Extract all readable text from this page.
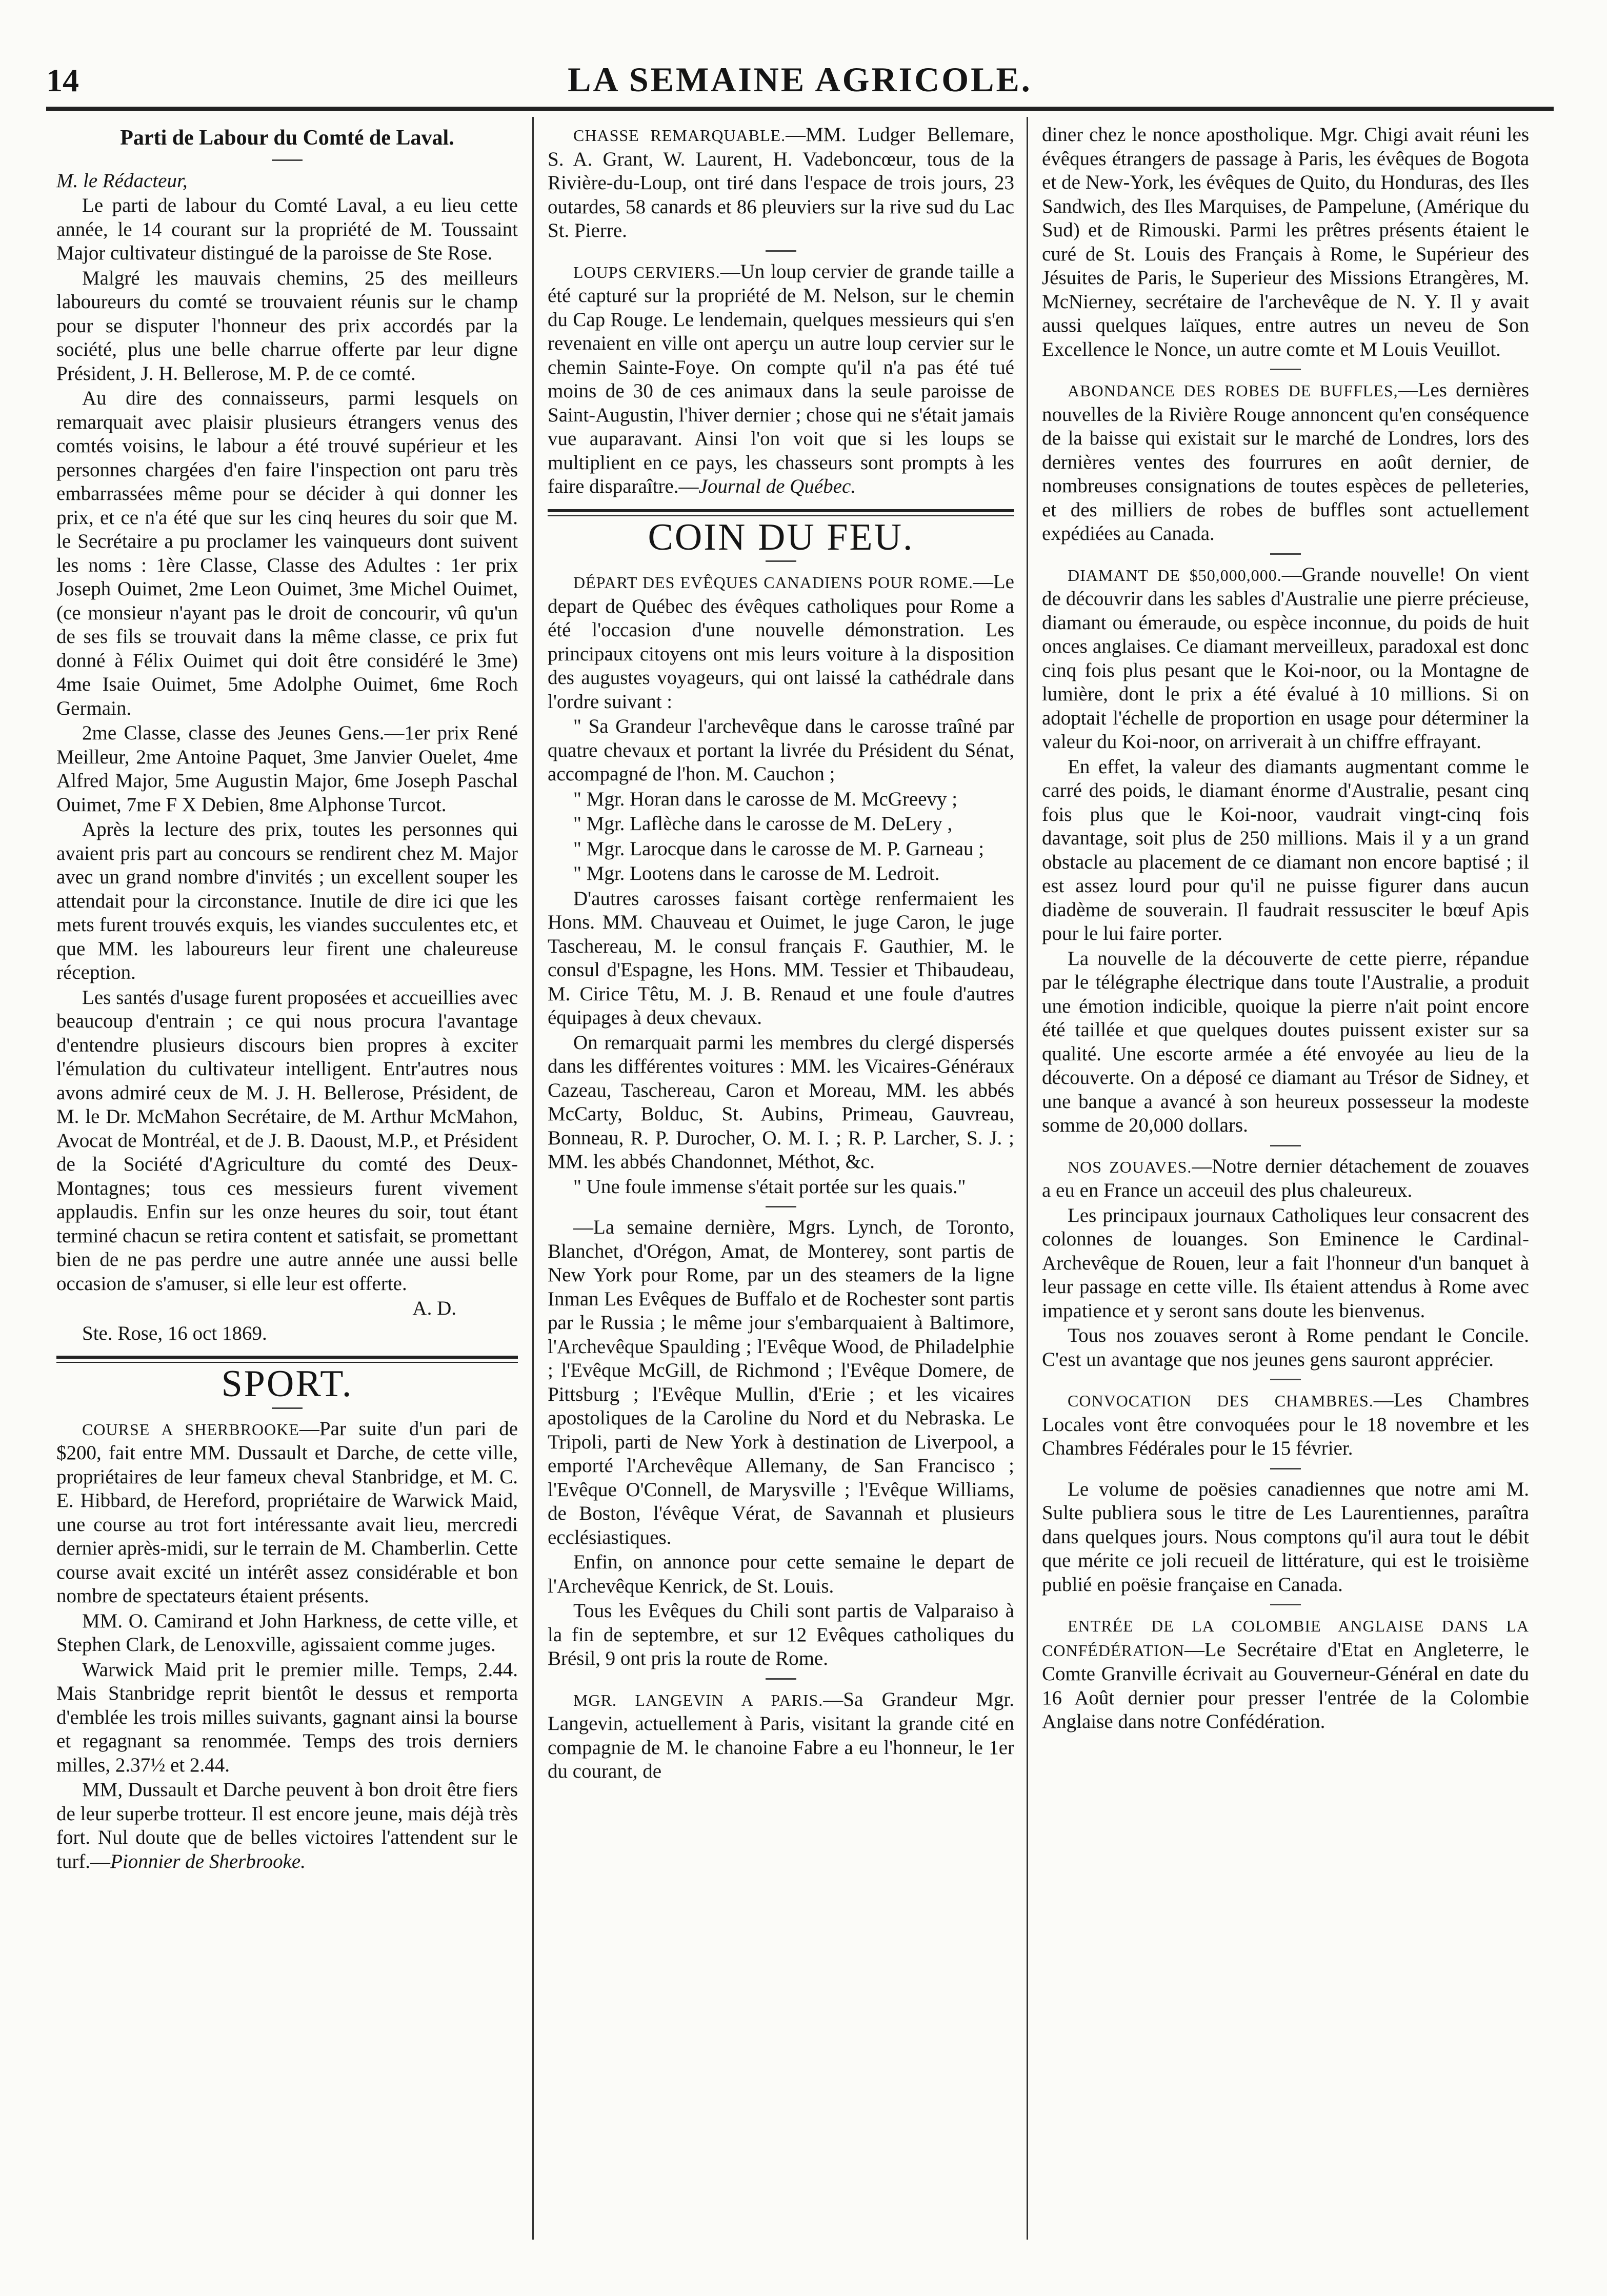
14	LA SEMAINE AGRICOLE.

Parti de Labour du Comté de Laval.

M. le Rédacteur,

Le parti de labour du Comté Laval, a eu lieu cette année, le 14 courant sur la propriété de M. Toussaint Major cultivateur distingué de la paroisse de Ste Rose.

Malgré les mauvais chemins, 25 des meilleurs laboureurs du comté se trouvaient réunis sur le champ pour se disputer l'honneur des prix accordés par la société, plus une belle charrue offerte par leur digne Président, J. H. Bellerose, M. P. de ce comté.

Au dire des connaisseurs, parmi lesquels on remarquait avec plaisir plusieurs étrangers venus des comtés voisins, le labour a été trouvé supérieur et les personnes chargées d'en faire l'inspection ont paru très embarrassées même pour se décider à qui donner les prix, et ce n'a été que sur les cinq heures du soir que M. le Secrétaire a pu proclamer les vainqueurs dont suivent les noms : 1ère Classe, Classe des Adultes : 1er prix Joseph Ouimet, 2me Leon Ouimet, 3me Michel Ouimet, (ce monsieur n'ayant pas le droit de concourir, vû qu'un de ses fils se trouvait dans la même classe, ce prix fut donné à Félix Ouimet qui doit être considéré le 3me) 4me Isaie Ouimet, 5me Adolphe Ouimet, 6me Roch Germain.

2me Classe, classe des Jeunes Gens.—1er prix René Meilleur, 2me Antoine Paquet, 3me Janvier Ouelet, 4me Alfred Major, 5me Augustin Major, 6me Joseph Paschal Ouimet, 7me F X Debien, 8me Alphonse Turcot.

Après la lecture des prix, toutes les personnes qui avaient pris part au concours se rendirent chez M. Major avec un grand nombre d'invités ; un excellent souper les attendait pour la circonstance. Inutile de dire ici que les mets furent trouvés exquis, les viandes succulentes etc, et que MM. les laboureurs leur firent une chaleureuse réception.

Les santés d'usage furent proposées et accueillies avec beaucoup d'entrain ; ce qui nous procura l'avantage d'entendre plusieurs discours bien propres à exciter l'émulation du cultivateur intelligent. Entr'autres nous avons admiré ceux de M. J. H. Bellerose, Président, de M. le Dr. McMahon Secrétaire, de M. Arthur McMahon, Avocat de Montréal, et de J. B. Daoust, M.P., et Président de la Société d'Agriculture du comté des Deux-Montagnes; tous ces messieurs furent vivement applaudis. Enfin sur les onze heures du soir, tout étant terminé chacun se retira content et satisfait, se promettant bien de ne pas perdre une autre année une aussi belle occasion de s'amuser, si elle leur est offerte.

A. D.

Ste. Rose, 16 oct 1869.

SPORT.

COURSE A SHERBROOKE—Par suite d'un pari de $200, fait entre MM. Dussault et Darche, de cette ville, propriétaires de leur fameux cheval Stanbridge, et M. C. E. Hibbard, de Hereford, propriétaire de Warwick Maid, une course au trot fort intéressante avait lieu, mercredi dernier après-midi, sur le terrain de M. Chamberlin. Cette course avait excité un intérêt assez considérable et bon nombre de spectateurs étaient présents.

MM. O. Camirand et John Harkness, de cette ville, et Stephen Clark, de Lenoxville, agissaient comme juges.

Warwick Maid prit le premier mille. Temps, 2.44. Mais Stanbridge reprit bientôt le dessus et remporta d'emblée les trois milles suivants, gagnant ainsi la bourse et regagnant sa renommée. Temps des trois derniers milles, 2.37½ et 2.44.

MM, Dussault et Darche peuvent à bon droit être fiers de leur superbe trotteur. Il est encore jeune, mais déjà très fort. Nul doute que de belles victoires l'attendent sur le turf.—Pionnier de Sherbrooke.

CHASSE REMARQUABLE.—MM. Ludger Bellemare, S. A. Grant, W. Laurent, H. Vadeboncœur, tous de la Rivière-du-Loup, ont tiré dans l'espace de trois jours, 23 outardes, 58 canards et 86 pleuviers sur la rive sud du Lac St. Pierre.

LOUPS CERVIERS.—Un loup cervier de grande taille a été capturé sur la propriété de M. Nelson, sur le chemin du Cap Rouge. Le lendemain, quelques messieurs qui s'en revenaient en ville ont aperçu un autre loup cervier sur le chemin Sainte-Foye. On compte qu'il n'a pas été tué moins de 30 de ces animaux dans la seule paroisse de Saint-Augustin, l'hiver dernier ; chose qui ne s'était jamais vue auparavant. Ainsi l'on voit que si les loups se multiplient en ce pays, les chasseurs sont prompts à les faire disparaître.—Journal de Québec.

COIN DU FEU.

DÉPART DES EVÊQUES CANADIENS POUR ROME.—Le depart de Québec des évêques catholiques pour Rome a été l'occasion d'une nouvelle démonstration. Les principaux citoyens ont mis leurs voiture à la disposition des augustes voyageurs, qui ont laissé la cathédrale dans l'ordre suivant :

" Sa Grandeur l'archevêque dans le carosse traîné par quatre chevaux et portant la livrée du Président du Sénat, accompagné de l'hon. M. Cauchon ;

" Mgr. Horan dans le carosse de M. McGreevy ;

" Mgr. Laflèche dans le carosse de M. DeLery ,

" Mgr. Larocque dans le carosse de M. P. Garneau ;

" Mgr. Lootens dans le carosse de M. Ledroit.

D'autres carosses faisant cortège renfermaient les Hons. MM. Chauveau et Ouimet, le juge Caron, le juge Taschereau, M. le consul français F. Gauthier, M. le consul d'Espagne, les Hons. MM. Tessier et Thibaudeau, M. Cirice Têtu, M. J. B. Renaud et une foule d'autres équipages à deux chevaux.

On remarquait parmi les membres du clergé dispersés dans les différentes voitures : MM. les Vicaires-Généraux Cazeau, Taschereau, Caron et Moreau, MM. les abbés McCarty, Bolduc, St. Aubins, Primeau, Gauvreau, Bonneau, R. P. Durocher, O. M. I. ; R. P. Larcher, S. J. ; MM. les abbés Chandonnet, Méthot, &c.

" Une foule immense s'était portée sur les quais."

—La semaine dernière, Mgrs. Lynch, de Toronto, Blanchet, d'Orégon, Amat, de Monterey, sont partis de New York pour Rome, par un des steamers de la ligne Inman Les Evêques de Buffalo et de Rochester sont partis par le Russia ; le même jour s'embarquaient à Baltimore, l'Archevêque Spaulding ; l'Evêque Wood, de Philadelphie ; l'Evêque McGill, de Richmond ; l'Evêque Domere, de Pittsburg ; l'Evêque Mullin, d'Erie ; et les vicaires apostoliques de la Caroline du Nord et du Nebraska. Le Tripoli, parti de New York à destination de Liverpool, a emporté l'Archevêque Allemany, de San Francisco ; l'Evêque O'Connell, de Marysville ; l'Evêque Williams, de Boston, l'évêque Vérat, de Savannah et plusieurs ecclésiastiques.

Enfin, on annonce pour cette semaine le depart de l'Archevêque Kenrick, de St. Louis.

Tous les Evêques du Chili sont partis de Valparaiso à la fin de septembre, et sur 12 Evêques catholiques du Brésil, 9 ont pris la route de Rome.

MGR. LANGEVIN A PARIS.—Sa Grandeur Mgr. Langevin, actuellement à Paris, visitant la grande cité en compagnie de M. le chanoine Fabre a eu l'honneur, le 1er du courant, de

diner chez le nonce apostholique. Mgr. Chigi avait réuni les évêques étrangers de passage à Paris, les évêques de Bogota et de New-York, les évêques de Quito, du Honduras, des Iles Sandwich, des Iles Marquises, de Pampelune, (Amérique du Sud) et de Rimouski. Parmi les prêtres présents étaient le curé de St. Louis des Français à Rome, le Supérieur des Jésuites de Paris, le Superieur des Missions Etrangères, M. McNierney, secrétaire de l'archevêque de N. Y. Il y avait aussi quelques laïques, entre autres un neveu de Son Excellence le Nonce, un autre comte et M Louis Veuillot.

ABONDANCE DES ROBES DE BUFFLES,—Les dernières nouvelles de la Rivière Rouge annoncent qu'en conséquence de la baisse qui existait sur le marché de Londres, lors des dernières ventes des fourrures en août dernier, de nombreuses consignations de toutes espèces de pelleteries, et des milliers de robes de buffles sont actuellement expédiées au Canada.

DIAMANT DE $50,000,000.—Grande nouvelle! On vient de découvrir dans les sables d'Australie une pierre précieuse, diamant ou émeraude, ou espèce inconnue, du poids de huit onces anglaises. Ce diamant merveilleux, paradoxal est donc cinq fois plus pesant que le Koi-noor, ou la Montagne de lumière, dont le prix a été évalué à 10 millions. Si on adoptait l'échelle de proportion en usage pour déterminer la valeur du Koi-noor, on arriverait à un chiffre effrayant.

En effet, la valeur des diamants augmentant comme le carré des poids, le diamant énorme d'Australie, pesant cinq fois plus que le Koi-noor, vaudrait vingt-cinq fois davantage, soit plus de 250 millions. Mais il y a un grand obstacle au placement de ce diamant non encore baptisé ; il est assez lourd pour qu'il ne puisse figurer dans aucun diadème de souverain. Il faudrait ressusciter le bœuf Apis pour le lui faire porter.

La nouvelle de la découverte de cette pierre, répandue par le télégraphe électrique dans toute l'Australie, a produit une émotion indicible, quoique la pierre n'ait point encore été taillée et que quelques doutes puissent exister sur sa qualité. Une escorte armée a été envoyée au lieu de la découverte. On a déposé ce diamant au Trésor de Sidney, et une banque a avancé à son heureux possesseur la modeste somme de 20,000 dollars.

NOS ZOUAVES.—Notre dernier détachement de zouaves a eu en France un acceuil des plus chaleureux.

Les principaux journaux Catholiques leur consacrent des colonnes de louanges. Son Eminence le Cardinal-Archevêque de Rouen, leur a fait l'honneur d'un banquet à leur passage en cette ville. Ils étaient attendus à Rome avec impatience et y seront sans doute les bienvenus.

Tous nos zouaves seront à Rome pendant le Concile. C'est un avantage que nos jeunes gens sauront apprécier.

CONVOCATION DES CHAMBRES.—Les Chambres Locales vont être convoquées pour le 18 novembre et les Chambres Fédérales pour le 15 février.

Le volume de poësies canadiennes que notre ami M. Sulte publiera sous le titre de Les Laurentiennes, paraîtra dans quelques jours. Nous comptons qu'il aura tout le débit que mérite ce joli recueil de littérature, qui est le troisième publié en poësie française en Canada.

ENTRÉE DE LA COLOMBIE ANGLAISE DANS LA CONFÉDÉRATION—Le Secrétaire d'Etat en Angleterre, le Comte Granville écrivait au Gouverneur-Général en date du 16 Août dernier pour presser l'entrée de la Colombie Anglaise dans notre Confédération.
